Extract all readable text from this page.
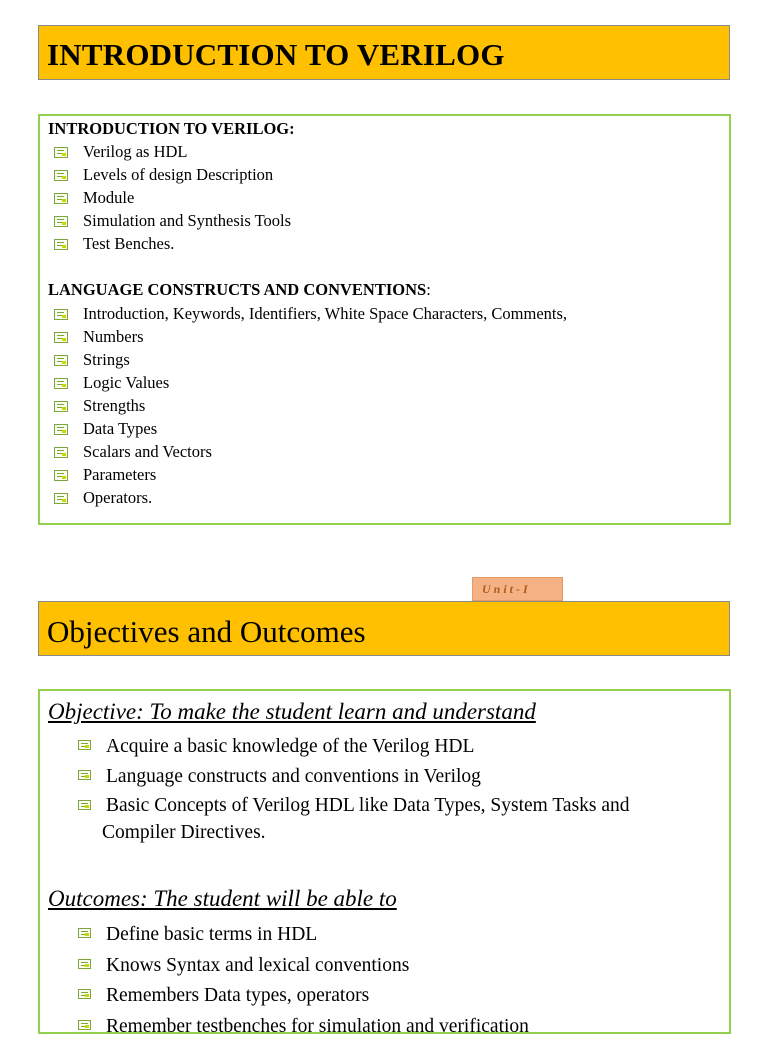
INTRODUCTION TO VERILOG
INTRODUCTION TO VERILOG:
Verilog as HDL
Levels of design Description
Module
Simulation and Synthesis Tools
Test Benches.
LANGUAGE CONSTRUCTS AND CONVENTIONS:
Introduction, Keywords, Identifiers, White Space Characters, Comments,
Numbers
Strings
Logic Values
Strengths
Data Types
Scalars and Vectors
Parameters
Operators.
Unit-I
Objectives and Outcomes
Objective: To make the student learn and understand
Acquire a basic knowledge of the Verilog HDL
Language constructs and conventions in Verilog
Basic Concepts of Verilog HDL like Data Types, System Tasks and
Compiler Directives.
Outcomes: The student will be able to
Define basic terms in HDL
Knows Syntax and lexical conventions
Remembers Data types, operators
Remember testbenches for simulation and verification
